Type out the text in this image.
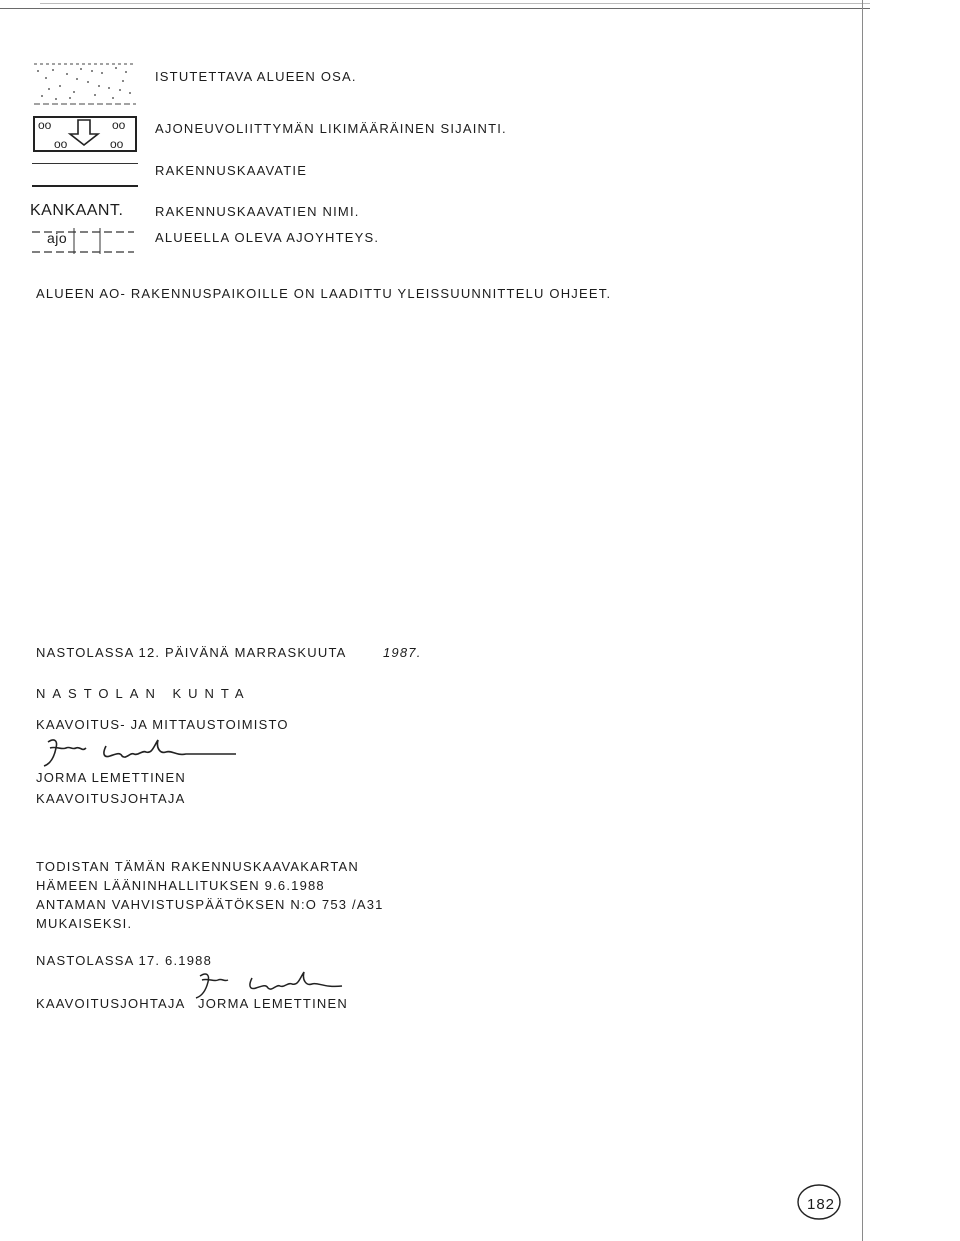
ISTUTETTAVA ALUEEN OSA.
oo	oo
oo	oo
AJONEUVOLIITTYMÄN LIKIMÄÄRÄINEN SIJAINTI.
RAKENNUSKAAVATIE
KANKAANT. RAKENNUSKAAVATIEN NIMI.
ajo	ALUEELLA OLEVA AJOYHTEYS.
ALUEEN AO- RAKENNUSPAIKOILLE ON LAADITTU YLEISSUUNNITTELU OHJEET.
NASTOLASSA 12. PÄIVÄNÄ MARRASKUUTA	1987.
NASTOLAN KUNTA
KAAVOITUS- JA MITTAUSTOIMISTO
JORMA LEMETTINEN
KAAVOITUSJOHTAJA
TODISTAN TÄMÄN RAKENNUSKAAVAKARTAN
HÄMEEN LÄÄNINHALLITUKSEN 9.6.1988
ANTAMAN VAHVISTUSPÄÄTÖKSEN N:O 753 /A31
MUKAISEKSI.
NASTOLASSA 17. 6.1988
KAAVOITUSJOHTAJA JORMA LEMETTINEN
182
